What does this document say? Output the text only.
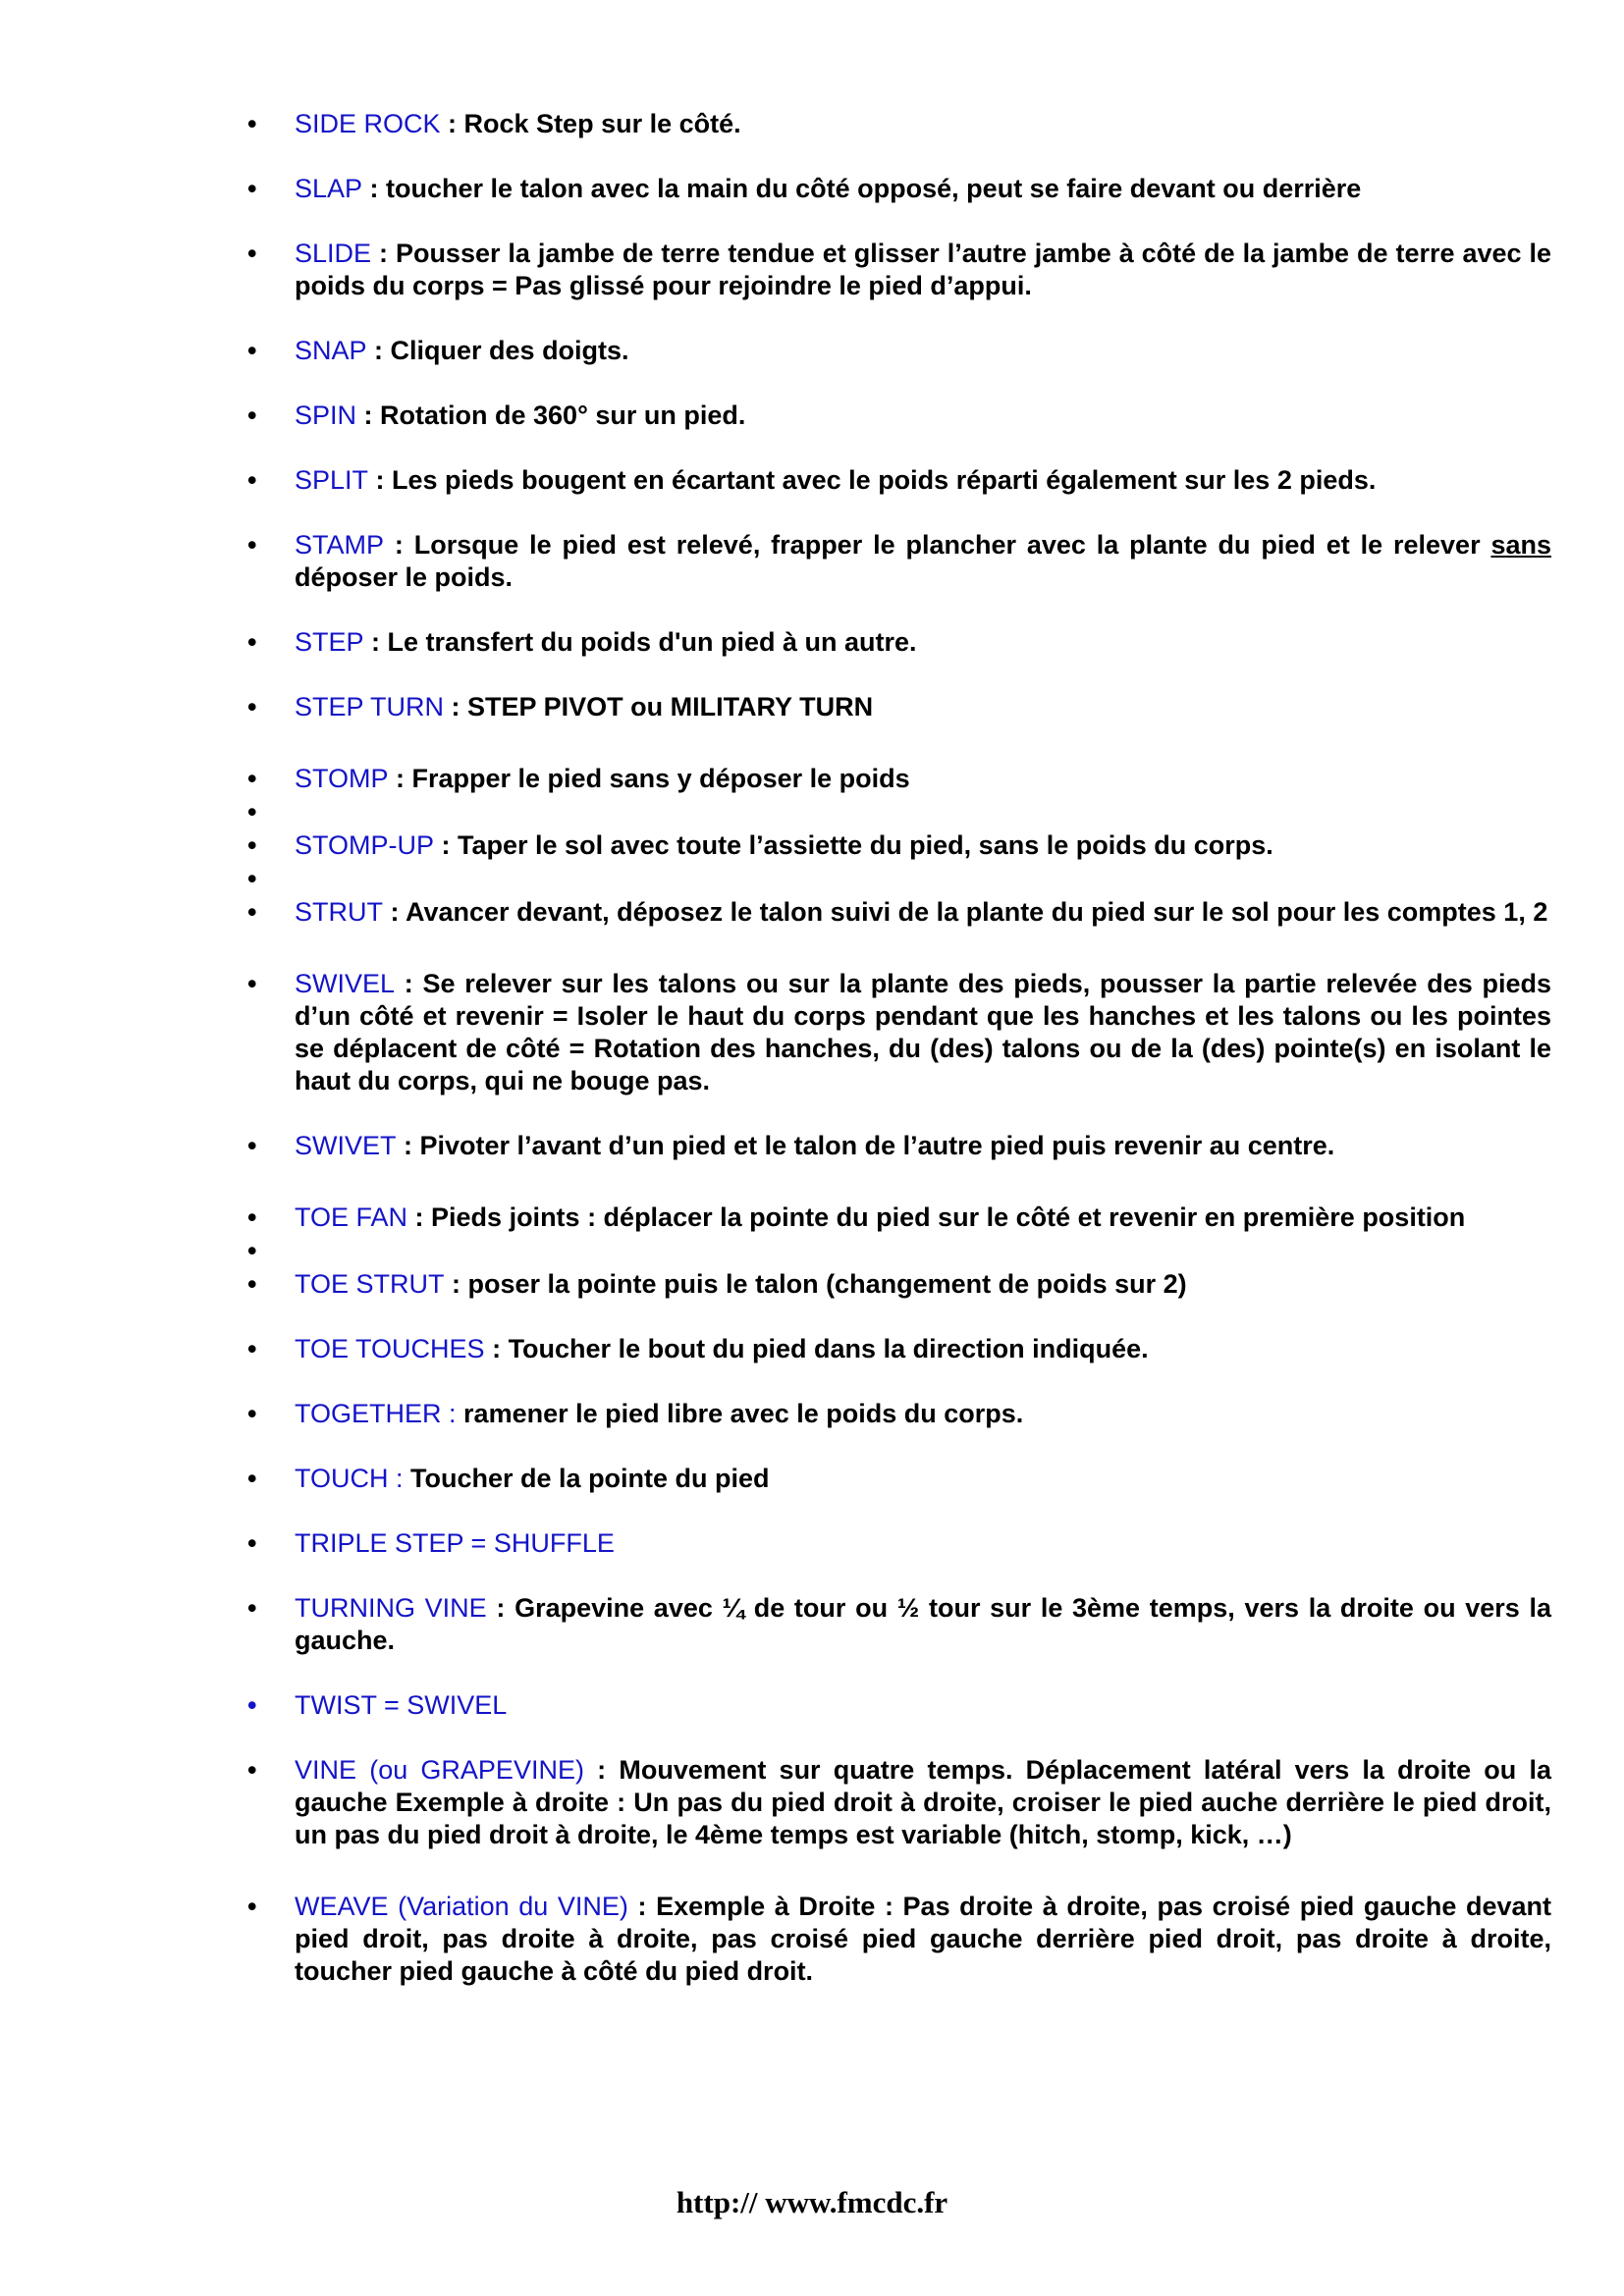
•	SIDE ROCK : Rock Step sur le côté.
•	SLAP : toucher le talon avec la main du côté opposé, peut se faire devant ou derrière
•	SLIDE : Pousser la jambe de terre tendue et glisser l’autre jambe à côté de la jambe de terre avec le poids du corps = Pas glissé pour rejoindre le pied d’appui.
•	SNAP : Cliquer des doigts.
•	SPIN : Rotation de 360° sur un pied.
•	SPLIT : Les pieds bougent en écartant avec le poids réparti également sur les 2 pieds.
•	STAMP : Lorsque le pied est relevé, frapper le plancher avec la plante du pied et le relever sans déposer le poids.
•	STEP : Le transfert du poids d'un pied à un autre.
•	STEP TURN : STEP PIVOT ou MILITARY TURN
•	STOMP : Frapper le pied sans y déposer le poids
•
•	STOMP-UP : Taper le sol avec toute l’assiette du pied, sans le poids du corps.
•
•	STRUT : Avancer devant, déposez le talon suivi de la plante du pied sur le sol pour les comptes 1, 2
•	SWIVEL : Se relever sur les talons ou sur la plante des pieds, pousser la partie relevée des pieds d’un côté et revenir = Isoler le haut du corps pendant que les hanches et les talons ou les pointes se déplacent de côté = Rotation des hanches, du (des) talons ou de la (des) pointe(s) en isolant le haut du corps, qui ne bouge pas.
•	SWIVET : Pivoter l’avant d’un pied et le talon de l’autre pied puis revenir au centre.
•	TOE FAN : Pieds joints : déplacer la pointe du pied sur le côté et revenir en première position
•
•	TOE STRUT : poser la pointe puis le talon (changement de poids sur 2)
•	TOE TOUCHES : Toucher le bout du pied dans la direction indiquée.
•	TOGETHER : ramener le pied libre avec le poids du corps.
•	TOUCH : Toucher de la pointe du pied
•	TRIPLE STEP = SHUFFLE
•	TURNING VINE : Grapevine avec ¼ de tour ou ½ tour sur le 3ème temps, vers la droite ou vers la gauche.
•	TWIST = SWIVEL
•	VINE (ou GRAPEVINE) : Mouvement sur quatre temps. Déplacement latéral vers la droite ou la gauche Exemple à droite : Un pas du pied droit à droite, croiser le pied auche derrière le pied droit, un pas du pied droit à droite, le 4ème temps est variable (hitch, stomp, kick, …)
•	WEAVE (Variation du VINE) : Exemple à Droite : Pas droite à droite, pas croisé pied gauche devant pied droit, pas droite à droite, pas croisé pied gauche derrière pied droit, pas droite à droite, toucher pied gauche à côté du pied droit.
http:// www.fmcdc.fr
